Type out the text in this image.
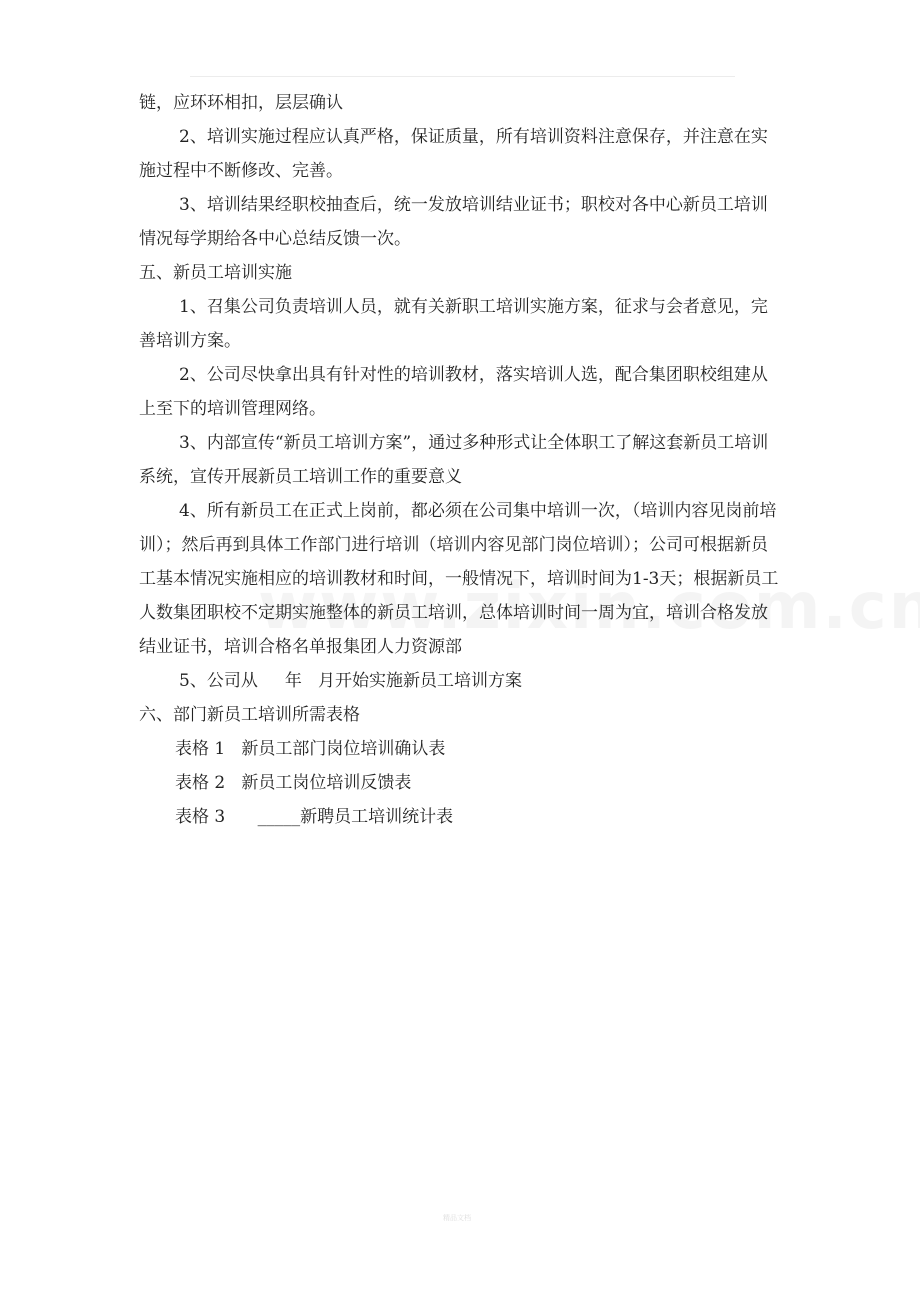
链，应环环相扣，层层确认

2、培训实施过程应认真严格，保证质量，所有培训资料注意保存，并注意在实施过程中不断修改、完善。

3、培训结果经职校抽查后，统一发放培训结业证书；职校对各中心新员工培训情况每学期给各中心总结反馈一次。

五、新员工培训实施

1、召集公司负责培训人员，就有关新职工培训实施方案，征求与会者意见，完善培训方案。

2、公司尽快拿出具有针对性的培训教材，落实培训人选，配合集团职校组建从上至下的培训管理网络。

3、内部宣传“新员工培训方案”，通过多种形式让全体职工了解这套新员工培训系统，宣传开展新员工培训工作的重要意义

4、所有新员工在正式上岗前，都必须在公司集中培训一次，（培训内容见岗前培训）；然后再到具体工作部门进行培训（培训内容见部门岗位培训）；公司可根据新员工基本情况实施相应的培训教材和时间，一般情况下，培训时间为1-3天；根据新员工人数集团职校不定期实施整体的新员工培训，总体培训时间一周为宜，培训合格发放结业证书，培训合格名单报集团人力资源部

5、公司从     年   月开始实施新员工培训方案

六、部门新员工培训所需表格

表格 1   新员工部门岗位培训确认表

表格 2   新员工岗位培训反馈表

表格 3      _____新聘员工培训统计表

精品文档
